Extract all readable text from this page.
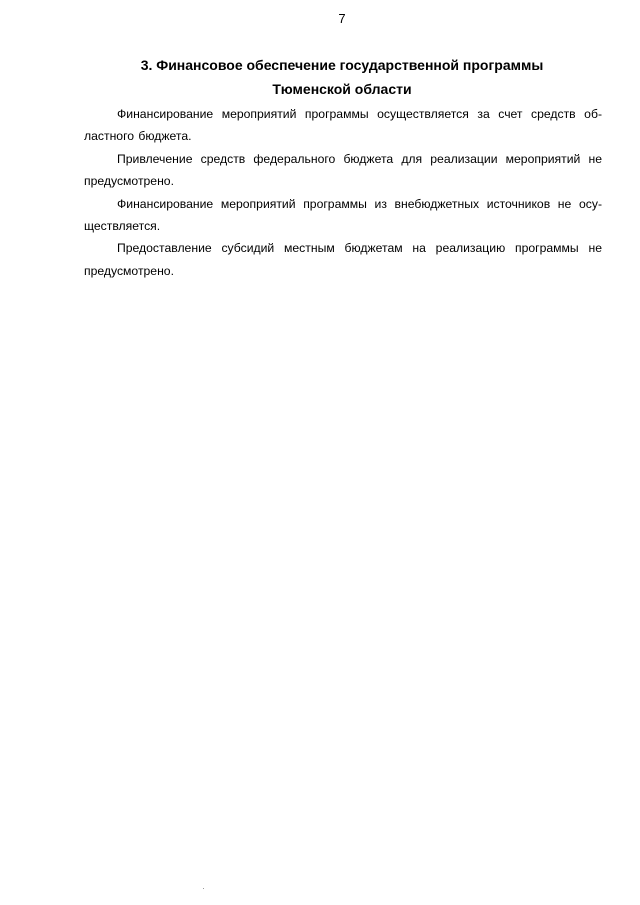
7
3. Финансовое обеспечение государственной программы
Тюменской области

Финансирование мероприятий программы осуществляется за счет средств областного бюджета.

Привлечение средств федерального бюджета для реализации мероприятий не предусмотрено.

Финансирование мероприятий программы из внебюджетных источников не осуществляется.

Предоставление субсидий местным бюджетам на реализацию программы не предусмотрено.
